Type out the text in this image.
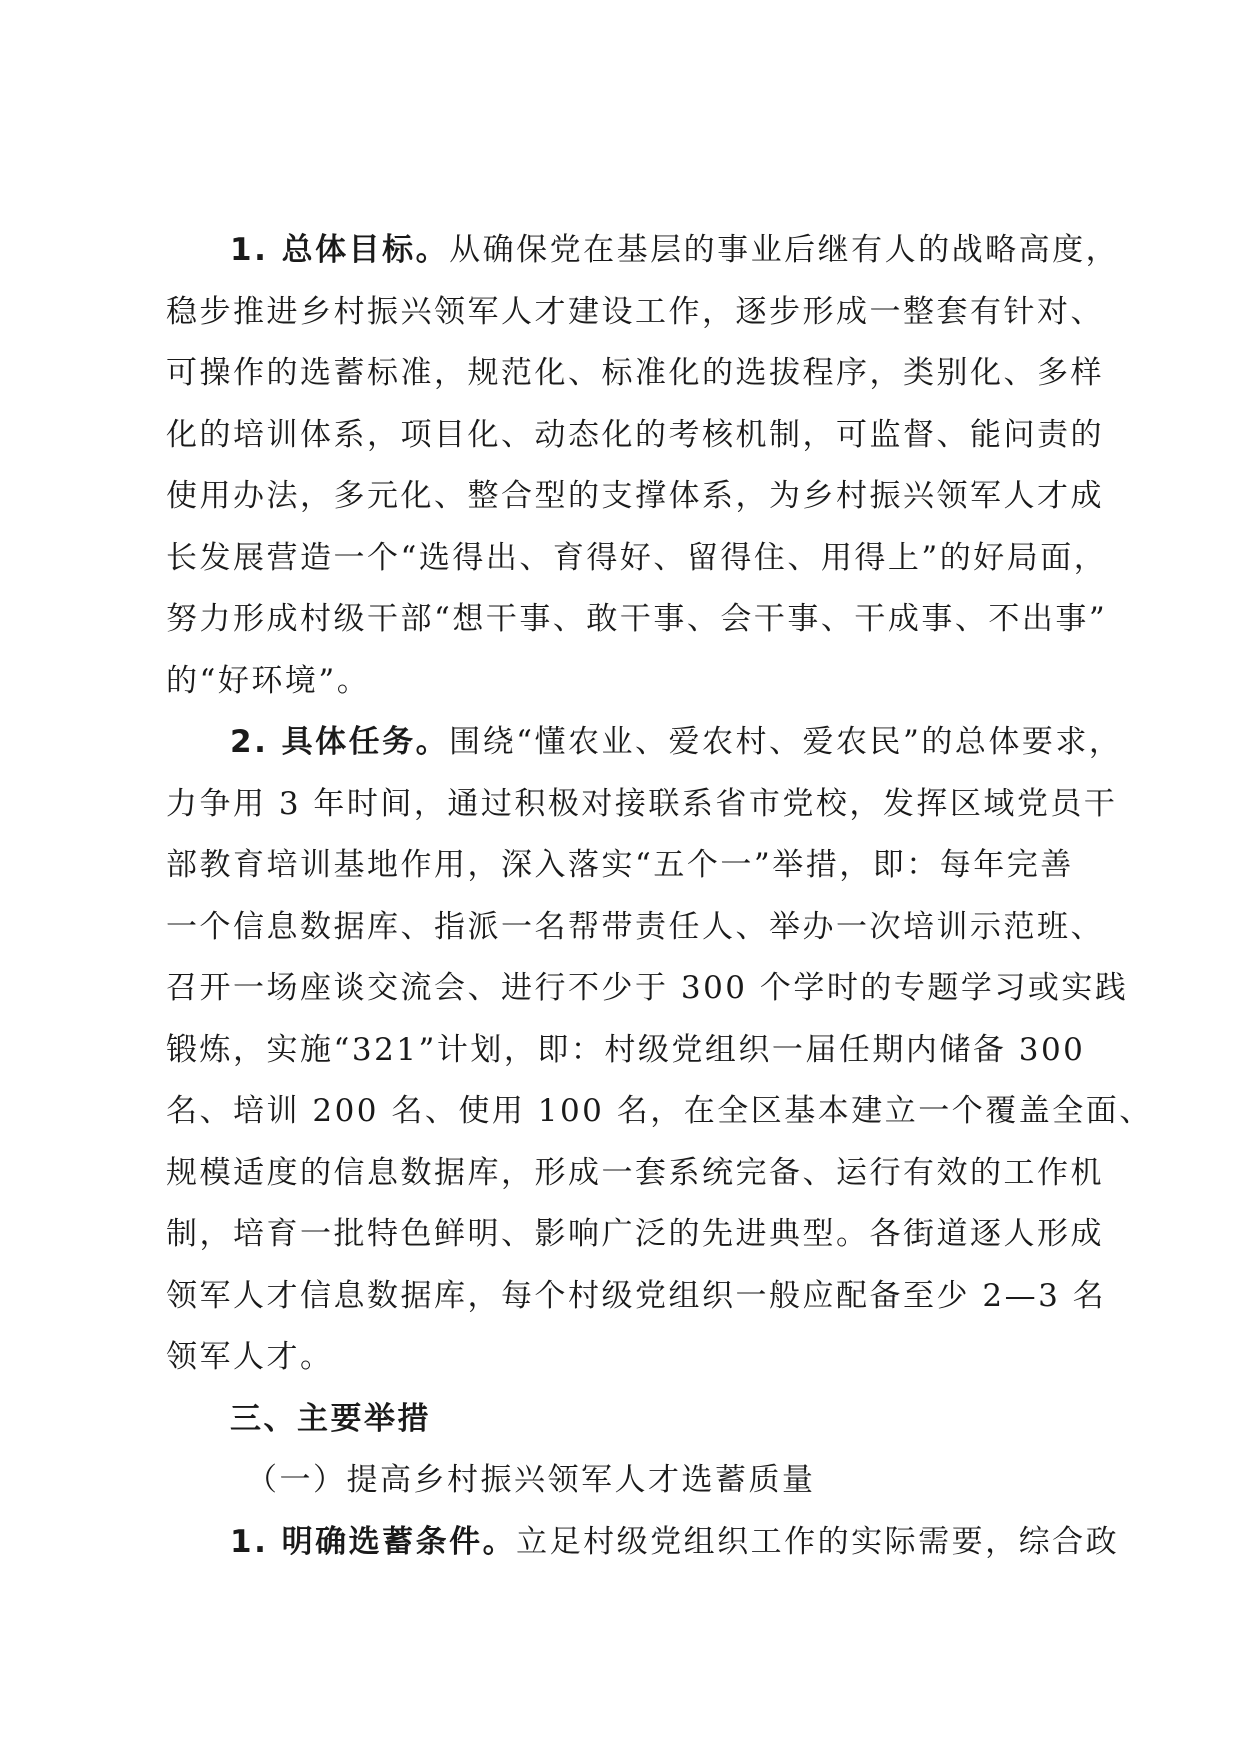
1. 总体目标。从确保党在基层的事业后继有人的战略高度，
稳步推进乡村振兴领军人才建设工作，逐步形成一整套有针对、
可操作的选蓄标准，规范化、标准化的选拔程序，类别化、多样
化的培训体系，项目化、动态化的考核机制，可监督、能问责的
使用办法，多元化、整合型的支撑体系，为乡村振兴领军人才成
长发展营造一个“选得出、育得好、留得住、用得上”的好局面，
努力形成村级干部“想干事、敢干事、会干事、干成事、不出事”
的“好环境”。
2. 具体任务。围绕“懂农业、爱农村、爱农民”的总体要求，
力争用 3 年时间，通过积极对接联系省市党校，发挥区域党员干
部教育培训基地作用，深入落实“五个一”举措，即：每年完善
一个信息数据库、指派一名帮带责任人、举办一次培训示范班、
召开一场座谈交流会、进行不少于 300 个学时的专题学习或实践
锻炼，实施“321”计划，即：村级党组织一届任期内储备 300
名、培训 200 名、使用 100 名，在全区基本建立一个覆盖全面、
规模适度的信息数据库，形成一套系统完备、运行有效的工作机
制，培育一批特色鲜明、影响广泛的先进典型。各街道逐人形成
领军人才信息数据库，每个村级党组织一般应配备至少 2—3 名
领军人才。
三、主要举措
（一）提高乡村振兴领军人才选蓄质量
1. 明确选蓄条件。立足村级党组织工作的实际需要，综合政
